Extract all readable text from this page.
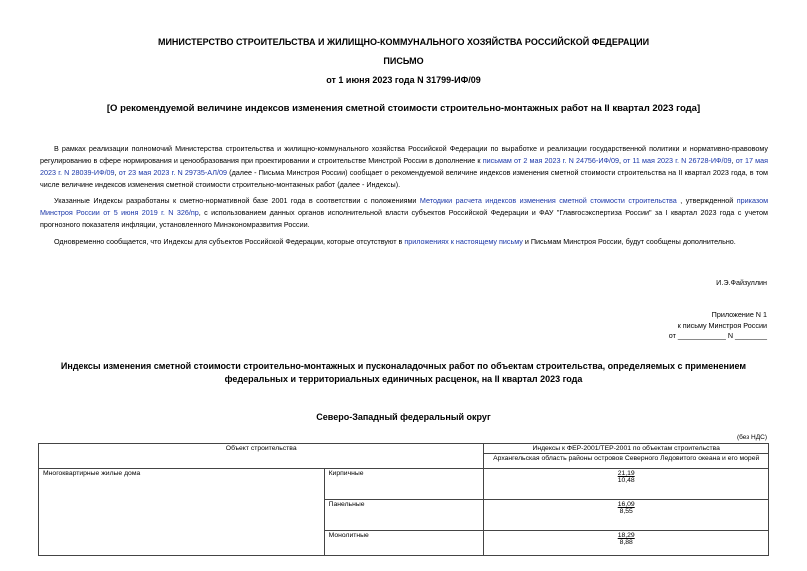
МИНИСТЕРСТВО СТРОИТЕЛЬСТВА И ЖИЛИЩНО-КОММУНАЛЬНОГО ХОЗЯЙСТВА РОССИЙСКОЙ ФЕДЕРАЦИИ
ПИСЬМО
от 1 июня 2023 года N 31799-ИФ/09
[О рекомендуемой величине индексов изменения сметной стоимости строительно-монтажных работ на II квартал 2023 года]
В рамках реализации полномочий Министерства строительства и жилищно-коммунального хозяйства Российской Федерации по выработке и реализации государственной политики и нормативно-правовому регулированию в сфере нормирования и ценообразования при проектировании и строительстве Минстрой России в дополнение к письмам от 2 мая 2023 г. N 24756-ИФ/09, от 11 мая 2023 г. N 26728-ИФ/09, от 17 мая 2023 г. N 28039-ИФ/09, от 23 мая 2023 г. N 29735-АЛ/09 (далее - Письма Минстроя России) сообщает о рекомендуемой величине индексов изменения сметной стоимости строительства на II квартал 2023 года, в том числе величине индексов изменения сметной стоимости строительно-монтажных работ (далее - Индексы).
Указанные Индексы разработаны к сметно-нормативной базе 2001 года в соответствии с положениями Методики расчета индексов изменения сметной стоимости строительства , утвержденной приказом Минстроя России от 5 июня 2019 г. N 326/пр, с использованием данных органов исполнительной власти субъектов Российской Федерации и ФАУ "Главгосэкспертиза России" за I квартал 2023 года с учетом прогнозного показателя инфляции, установленного Минэкономразвития России.
Одновременно сообщается, что Индексы для субъектов Российской Федерации, которые отсутствуют в приложениях к настоящему письму и Письмам Минстроя России, будут сообщены дополнительно.
И.Э.Файзуллин
Приложение N 1
к письму Минстроя России
от ____________ N ________
Индексы изменения сметной стоимости строительно-монтажных и пусконаладочных работ по объектам строительства, определяемых с применением федеральных и территориальных единичных расценок, на II квартал 2023 года
Северо-Западный федеральный округ
(без НДС)
Объект строительства		Индексы к ФЕР-2001/ТЕР-2001 по объектам строительства
		Архангельская область районы островов Северного Ледовитого океана и его морей
Многоквартирные жилые дома	Кирпичные	21,19
10,48

	Панельные	16,09
8,55

	Монолитные	18,29
8,88
